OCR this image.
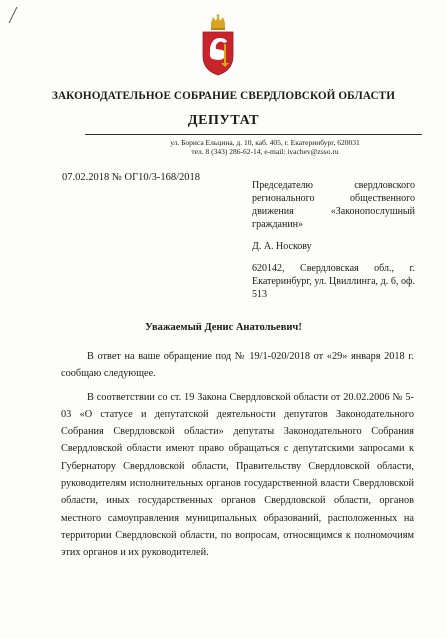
ЗАКОНОДАТЕЛЬНОЕ СОБРАНИЕ СВЕРДЛОВСКОЙ ОБЛАСТИ
ДЕПУТАТ
ул. Бориса Ельцина, д. 10, каб. 405, г. Екатеринбург, 620031
тел. 8 (343) 286-62-14, e-mail: ivachev@zsso.ru
07.02.2018 № ОГ10/3-168/2018
Председателю свердловского регионального общественного движения «Законопослушный гражданин»
Д. А. Носкову
620142, Свердловская обл., г. Екатеринбург, ул. Цвиллинга, д. 6, оф. 513
Уважаемый Денис Анатольевич!

В ответ на ваше обращение под № 19/1-020/2018 от «29» января 2018 г. сообщаю следующее.

В соответствии со ст. 19 Закона Свердловской области от 20.02.2006 № 5-03 «О статусе и депутатской деятельности депутатов Законодательного Собрания Свердловской области» депутаты Законодательного Собрания Свердловской области имеют право обращаться с депутатскими запросами к Губернатору Свердловской области, Правительству Свердловской области, руководителям исполнительных органов государственной власти Свердловской области, иных государственных органов Свердловской области, органов местного самоуправления муниципальных образований, расположенных на территории Свердловской области, по вопросам, относящимся к полномочиям этих органов и их руководителей.
